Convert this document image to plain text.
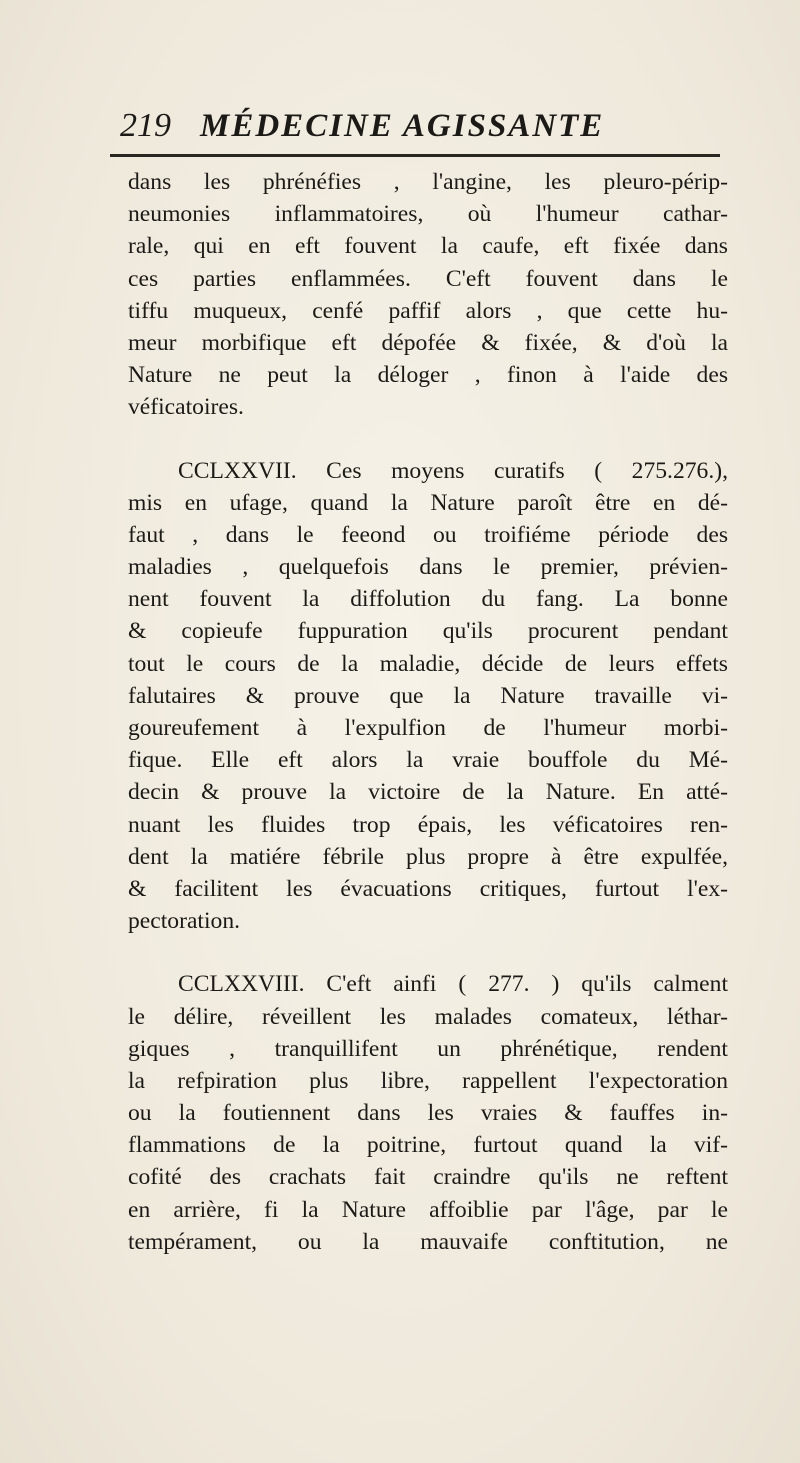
219 MÉDECINE AGISSANTE
dans les phrénéfies , l'angine, les pleuro-périp-
neumonies inflammatoires, où l'humeur cathar-
rale, qui en eft fouvent la caufe, eft fixée dans
ces parties enflammées. C'eft fouvent dans le
tiffu muqueux, cenfé paffif alors , que cette hu-
meur morbifique eft dépofée & fixée, & d'où la
Nature ne peut la déloger , finon à l'aide des
véficatoires.
CCLXXVII. Ces moyens curatifs ( 275.276.),
mis en ufage, quand la Nature paroît être en dé-
faut , dans le feeond ou troifiéme période des
maladies , quelquefois dans le premier, prévien-
nent fouvent la diffolution du fang. La bonne
& copieufe fuppuration qu'ils procurent pendant
tout le cours de la maladie, décide de leurs effets
falutaires & prouve que la Nature travaille vi-
goureufement à l'expulfion de l'humeur morbi-
fique. Elle eft alors la vraie bouffole du Mé-
decin & prouve la victoire de la Nature. En atté-
nuant les fluides trop épais, les véficatoires ren-
dent la matiére fébrile plus propre à être expulfée,
& facilitent les évacuations critiques, furtout l'ex-
pectoration.
CCLXXVIII. C'eft ainfi ( 277. ) qu'ils calment
le délire, réveillent les malades comateux, léthar-
giques , tranquillifent un phrénétique, rendent
la refpiration plus libre, rappellent l'expectoration
ou la foutiennent dans les vraies & fauffes in-
flammations de la poitrine, furtout quand la vif-
cofité des crachats fait craindre qu'ils ne reftent
en arrière, fi la Nature affoiblie par l'âge, par le
tempérament, ou la mauvaife conftitution, ne
